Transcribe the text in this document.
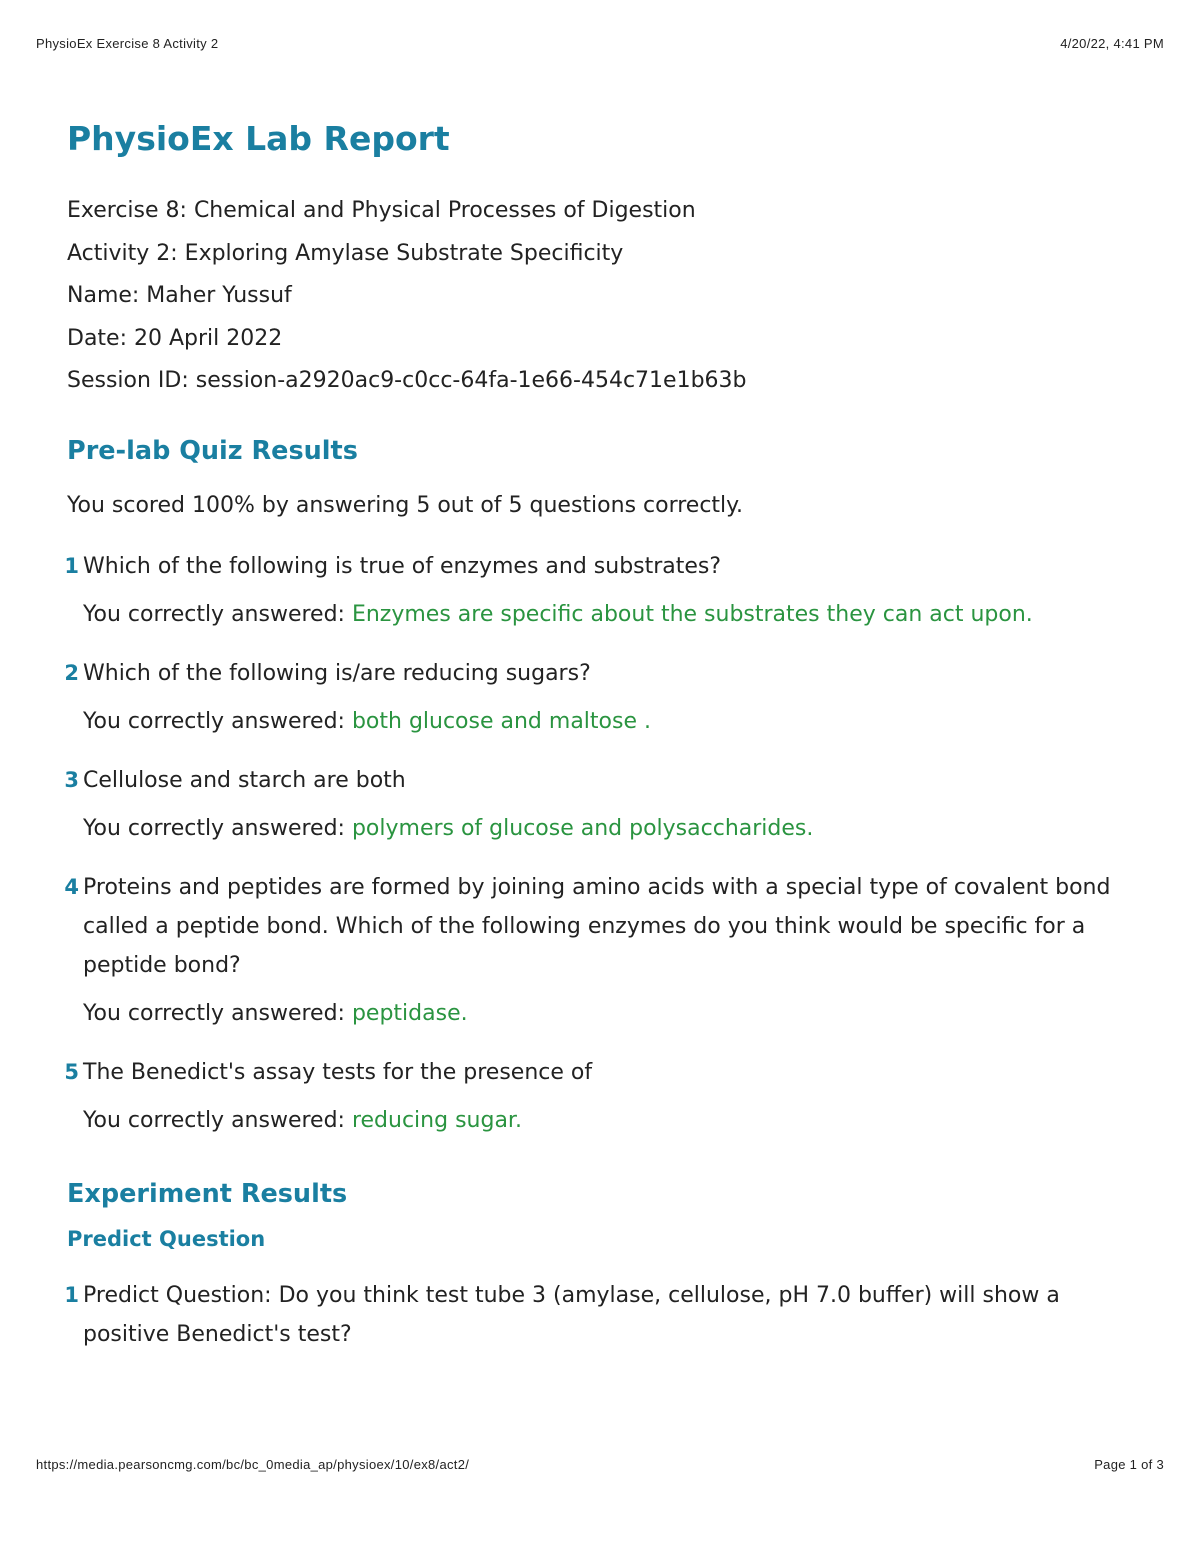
PhysioEx Exercise 8 Activity 2	4/20/22, 4:41 PM
PhysioEx Lab Report
Exercise 8: Chemical and Physical Processes of Digestion
Activity 2: Exploring Amylase Substrate Specificity
Name: Maher Yussuf
Date: 20 April 2022
Session ID: session-a2920ac9-c0cc-64fa-1e66-454c71e1b63b
Pre-lab Quiz Results
You scored 100% by answering 5 out of 5 questions correctly.
1 Which of the following is true of enzymes and substrates?
You correctly answered: Enzymes are specific about the substrates they can act upon.
2 Which of the following is/are reducing sugars?
You correctly answered: both glucose and maltose .
3 Cellulose and starch are both
You correctly answered: polymers of glucose and polysaccharides.
4 Proteins and peptides are formed by joining amino acids with a special type of covalent bond called a peptide bond. Which of the following enzymes do you think would be specific for a peptide bond?
You correctly answered: peptidase.
5 The Benedict's assay tests for the presence of
You correctly answered: reducing sugar.
Experiment Results
Predict Question
1 Predict Question: Do you think test tube 3 (amylase, cellulose, pH 7.0 buffer) will show a positive Benedict's test?
https://media.pearsoncmg.com/bc/bc_0media_ap/physioex/10/ex8/act2/	Page 1 of 3
